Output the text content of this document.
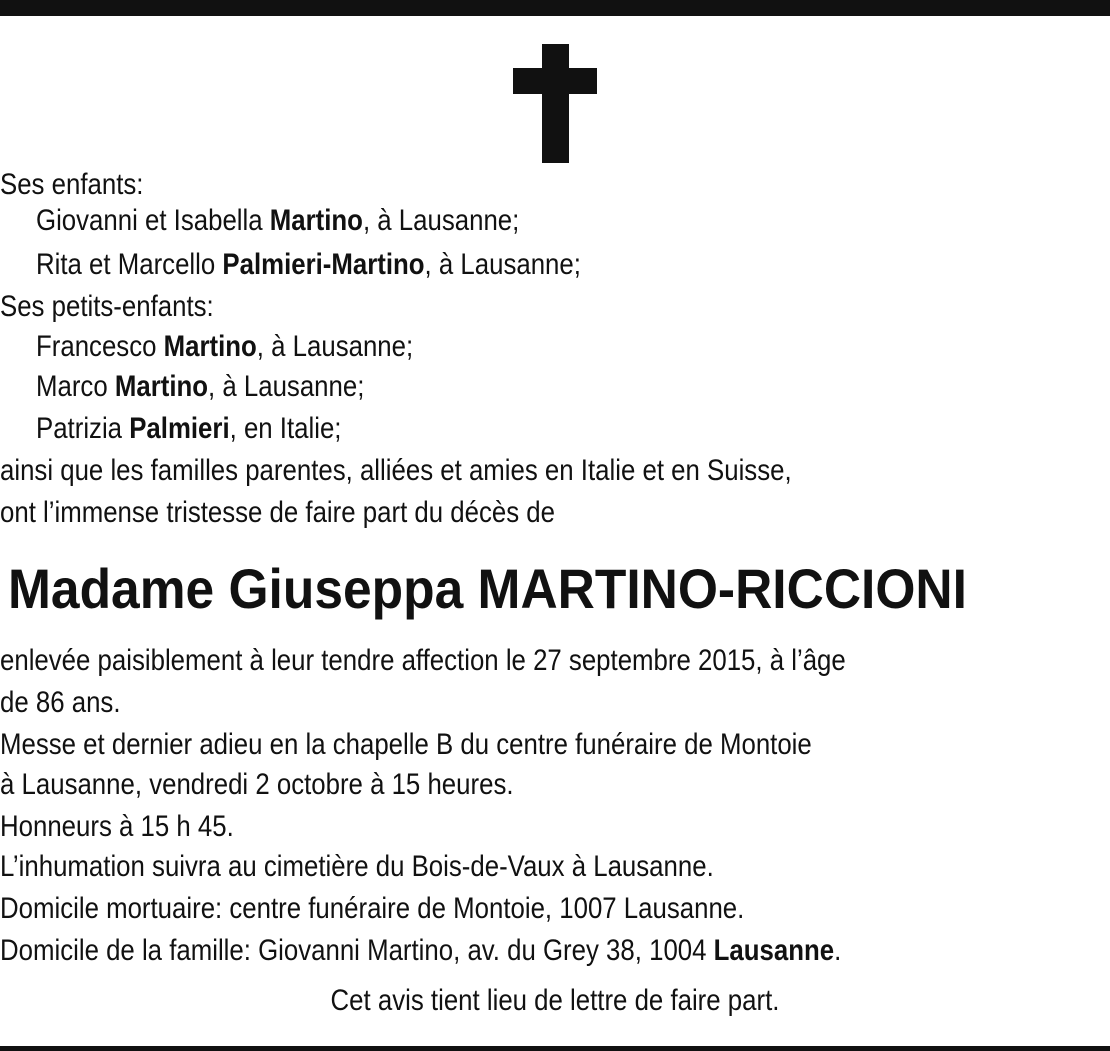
Ses enfants:
Giovanni et Isabella Martino, à Lausanne;
Rita et Marcello Palmieri-Martino, à Lausanne;
Ses petits-enfants:
Francesco Martino, à Lausanne;
Marco Martino, à Lausanne;
Patrizia Palmieri, en Italie;
ainsi que les familles parentes, alliées et amies en Italie et en Suisse,
ont l’immense tristesse de faire part du décès de
Madame Giuseppa MARTINO-RICCIONI
enlevée paisiblement à leur tendre affection le 27 septembre 2015, à l’âge
de 86 ans.
Messe et dernier adieu en la chapelle B du centre funéraire de Montoie
à Lausanne, vendredi 2 octobre à 15 heures.
Honneurs à 15 h 45.
L’inhumation suivra au cimetière du Bois-de-Vaux à Lausanne.
Domicile mortuaire: centre funéraire de Montoie, 1007 Lausanne.
Domicile de la famille: Giovanni Martino, av. du Grey 38, 1004 Lausanne.
Cet avis tient lieu de lettre de faire part.
